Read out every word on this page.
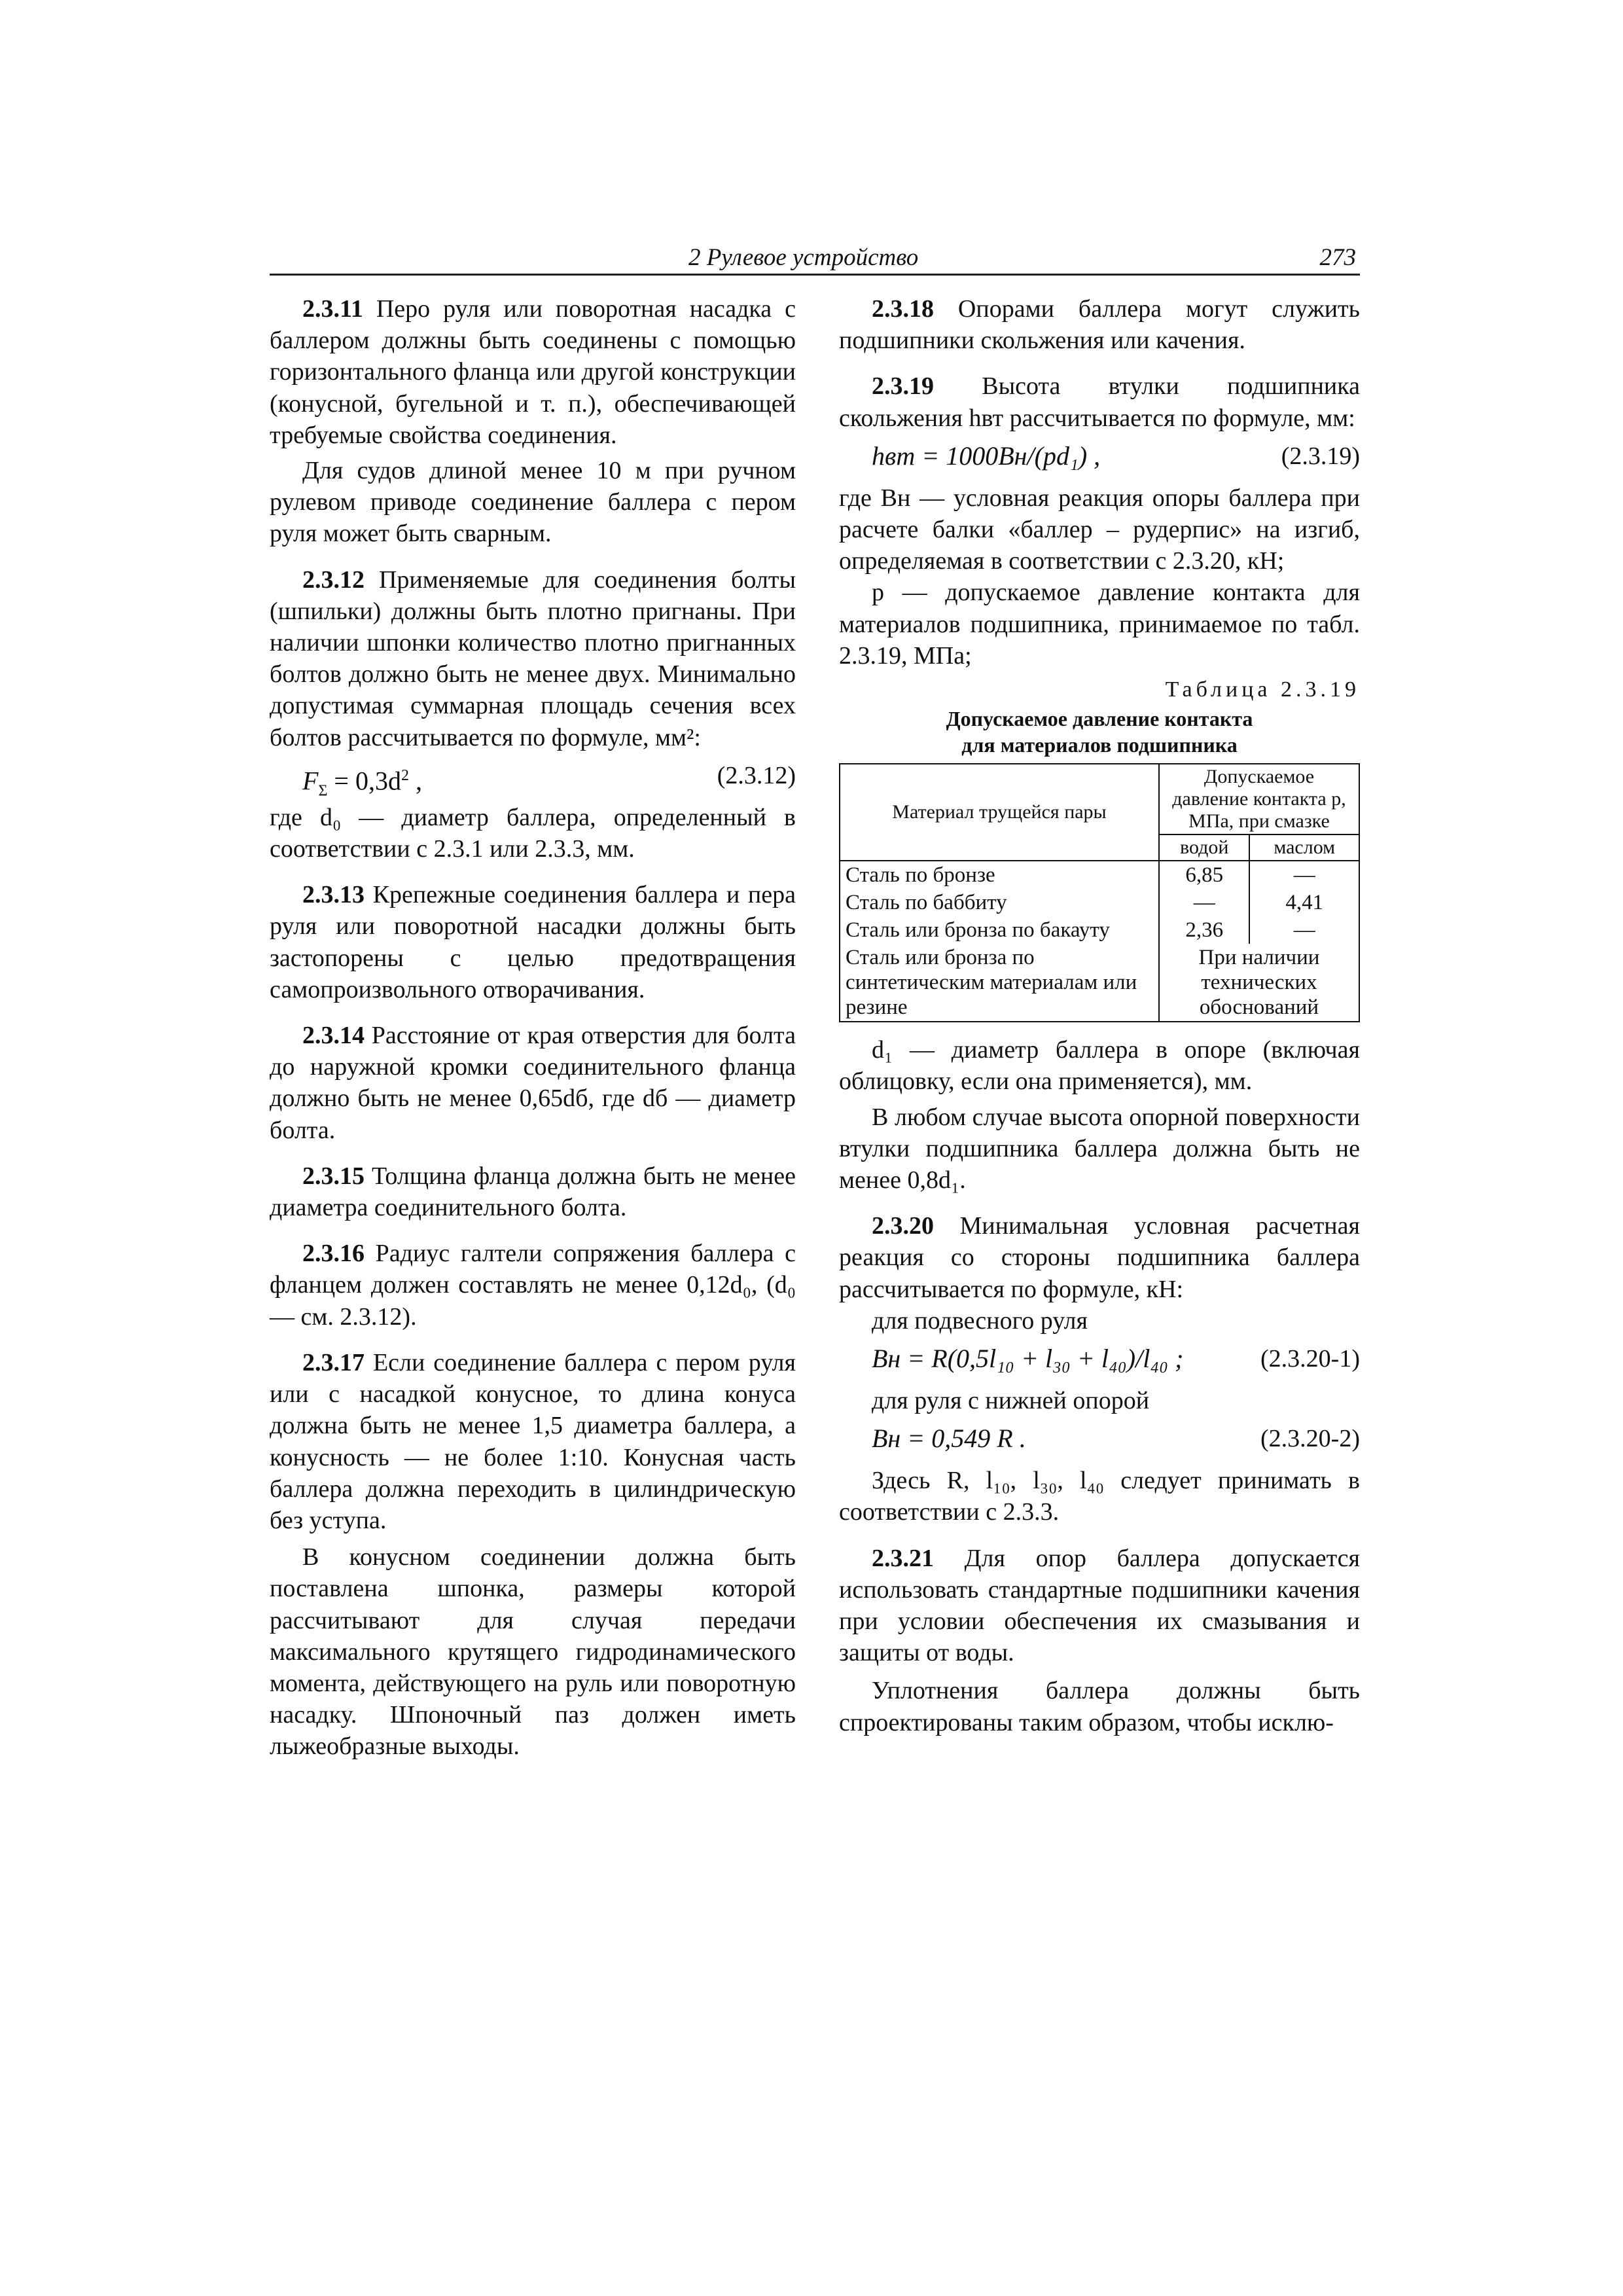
2 Рулевое устройство	273

2.3.11 Перо руля или поворотная насадка с баллером должны быть соединены с помощью горизонтального фланца или другой конструкции (конусной, бугельной и т. п.), обеспечивающей требуемые свойства соединения.

Для судов длиной менее 10 м при ручном рулевом приводе соединение баллера с пером руля может быть сварным.

2.3.12 Применяемые для соединения болты (шпильки) должны быть плотно пригнаны. При наличии шпонки количество плотно пригнанных болтов должно быть не менее двух. Минимально допустимая суммарная площадь сечения всех болтов рассчитывается по формуле, мм²:

$F_\Sigma = 0,3d^2$ ,	(2.3.12)

где d₀ — диаметр баллера, определенный в соответствии с 2.3.1 или 2.3.3, мм.

2.3.13 Крепежные соединения баллера и пера руля или поворотной насадки должны быть застопорены с целью предотвращения самопроизвольного отворачивания.

2.3.14 Расстояние от края отверстия для болта до наружной кромки соединительного фланца должно быть не менее 0,65dб, где dб — диаметр болта.

2.3.15 Толщина фланца должна быть не менее диаметра соединительного болта.

2.3.16 Радиус галтели сопряжения баллера с фланцем должен составлять не менее 0,12d₀, (d₀ — см. 2.3.12).

2.3.17 Если соединение баллера с пером руля или с насадкой конусное, то длина конуса должна быть не менее 1,5 диаметра баллера, а конусность — не более 1:10. Конусная часть баллера должна переходить в цилиндрическую без уступа.

В конусном соединении должна быть поставлена шпонка, размеры которой рассчитывают для случая передачи максимального крутящего гидродинамического момента, действующего на руль или поворотную насадку. Шпоночный паз должен иметь лыжеобразные выходы.

2.3.18 Опорами баллера могут служить подшипники скольжения или качения.

2.3.19 Высота втулки подшипника скольжения hвт рассчитывается по формуле, мм:

hвт = 1000Bн/(pd₁) ,	(2.3.19)

где Bн — условная реакция опоры баллера при расчете балки «баллер – рудерпис» на изгиб, определяемая в соответствии с 2.3.20, кН;

p — допускаемое давление контакта для материалов подшипника, принимаемое по табл. 2.3.19, МПа;

Таблица 2.3.19
Допускаемое давление контакта
для материалов подшипника
Материал трущейся пары	Допускаемое давление контакта p, МПа, при смазке	
	водой	маслом
Сталь по бронзе	6,85	—
Сталь по баббиту	—	4,41
Сталь или бронза по бакауту	2,36	—
Сталь или бронза по синтетическим материалам или резине	При наличии технических обоснований	

d₁ — диаметр баллера в опоре (включая облицовку, если она применяется), мм.

В любом случае высота опорной поверхности втулки подшипника баллера должна быть не менее 0,8d₁.

2.3.20 Минимальная условная расчетная реакция со стороны подшипника баллера рассчитывается по формуле, кН:

для подвесного руля

Bн = R(0,5l₁₀ + l₃₀ + l₄₀)/l₄₀ ;	(2.3.20-1)

для руля с нижней опорой

Bн = 0,549 R .	(2.3.20-2)

Здесь R, l₁₀, l₃₀, l₄₀ следует принимать в соответствии с 2.3.3.

2.3.21 Для опор баллера допускается использовать стандартные подшипники качения при условии обеспечения их смазывания и защиты от воды.

Уплотнения баллера должны быть спроектированы таким образом, чтобы исклю-
